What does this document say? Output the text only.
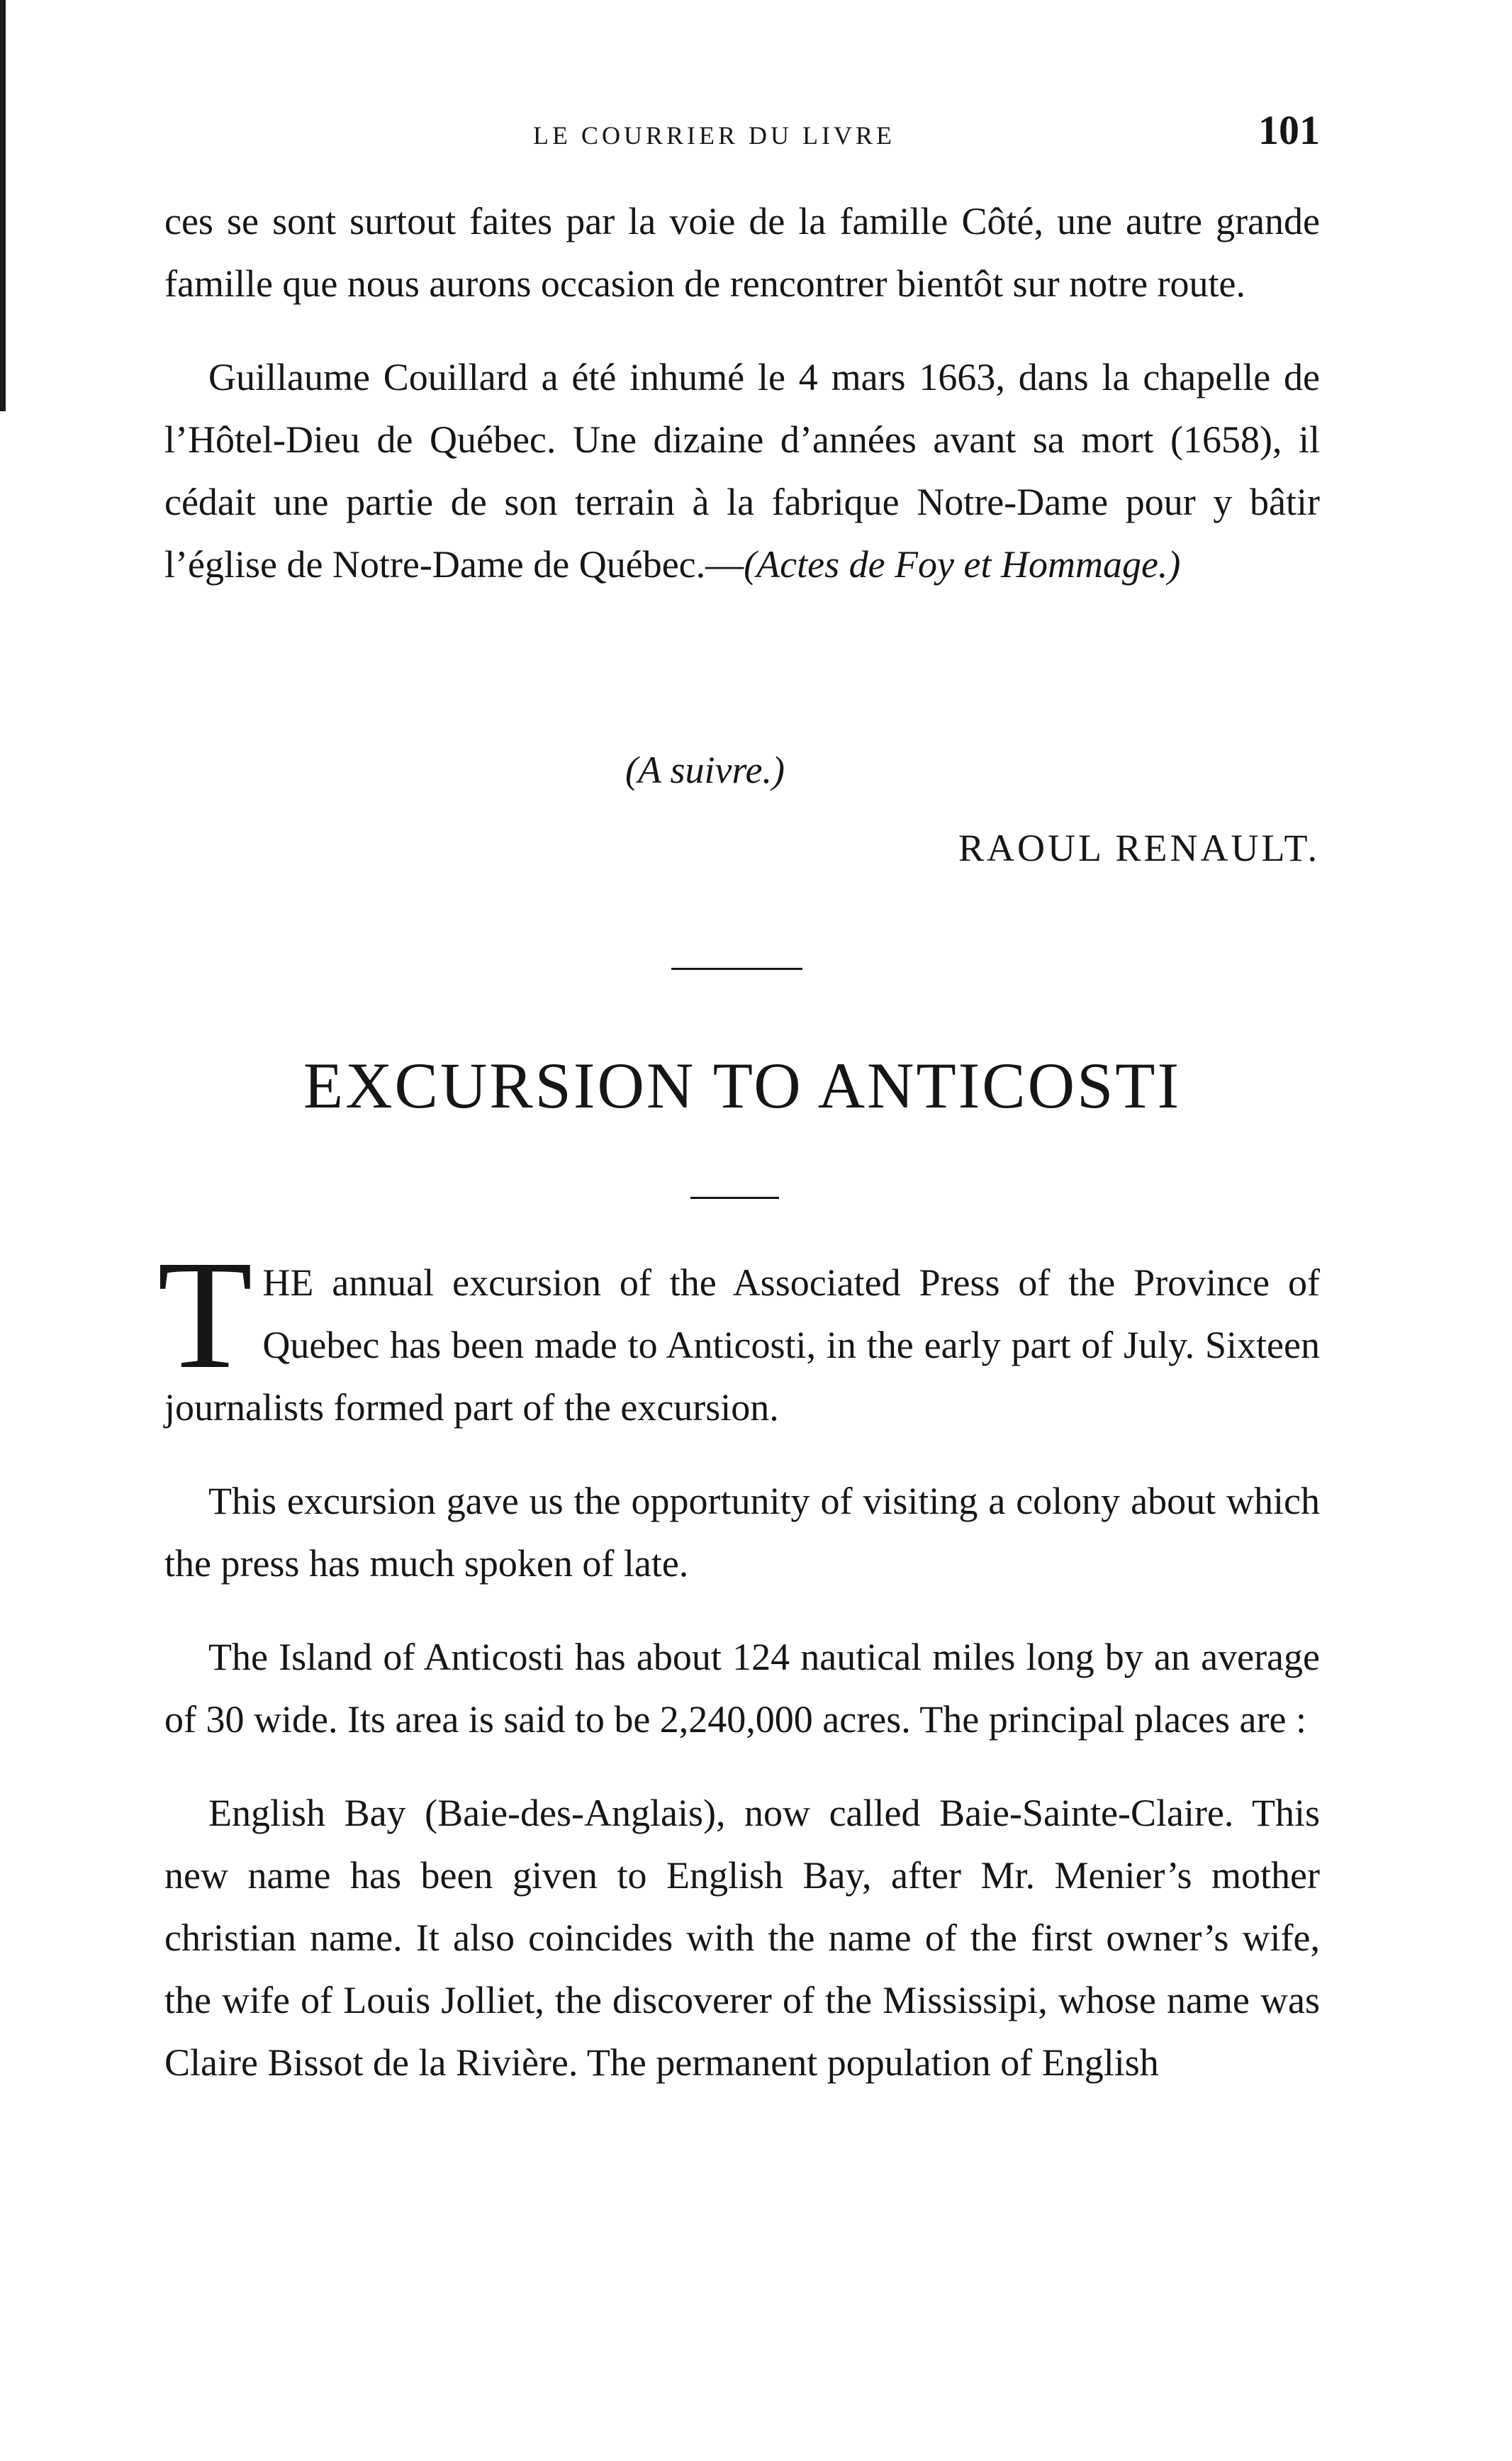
LE COURRIER DU LIVRE	101

ces se sont surtout faites par la voie de la famille Côté, une autre grande famille que nous aurons occasion de rencontrer bientôt sur notre route.

Guillaume Couillard a été inhumé le 4 mars 1663, dans la chapelle de l’Hôtel-Dieu de Québec. Une dizaine d’années avant sa mort (1658), il cédait une partie de son terrain à la fabrique Notre-Dame pour y bâtir l’église de Notre-Dame de Québec.—(Actes de Foy et Hommage.)

(A suivre.)
RAOUL RENAULT.
EXCURSION TO ANTICOSTI

THE annual excursion of the Associated Press of the Province of Quebec has been made to Anticosti, in the early part of July. Sixteen journalists formed part of the excursion.

This excursion gave us the opportunity of visiting a colony about which the press has much spoken of late.

The Island of Anticosti has about 124 nautical miles long by an average of 30 wide. Its area is said to be 2,240,000 acres. The principal places are :

English Bay (Baie-des-Anglais), now called Baie-Sainte-Claire. This new name has been given to English Bay, after Mr. Menier’s mother christian name. It also coincides with the name of the first owner’s wife, the wife of Louis Jolliet, the discoverer of the Mississipi, whose name was Claire Bissot de la Rivière. The permanent population of English
